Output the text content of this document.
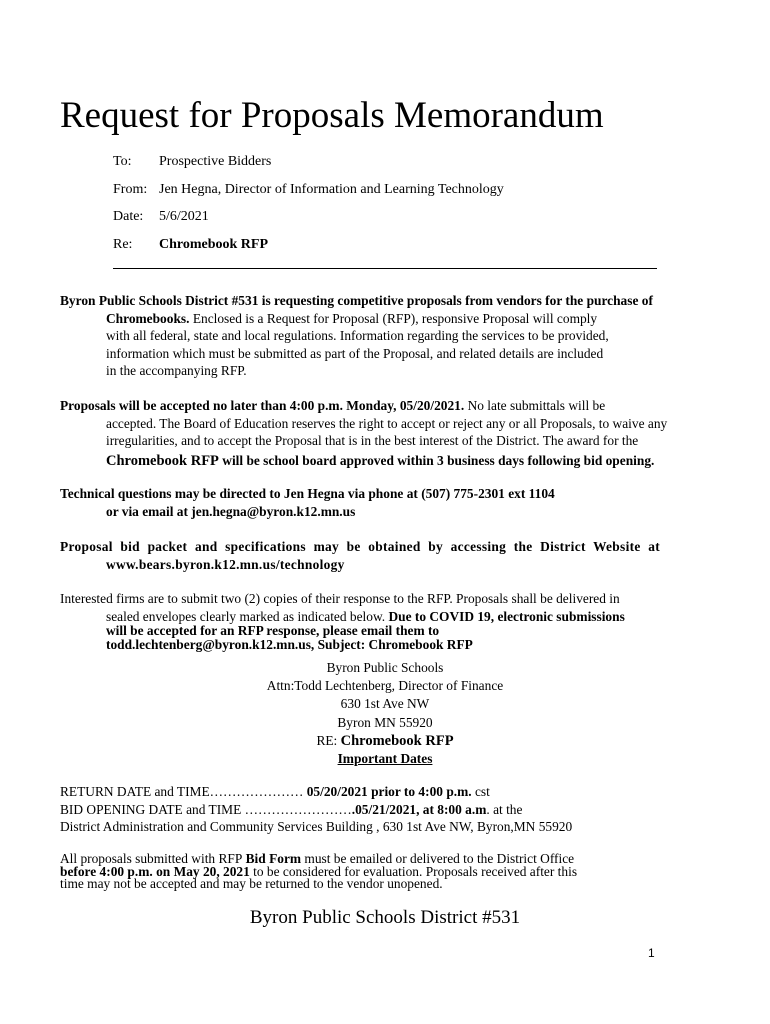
Request for Proposals Memorandum
To: Prospective Bidders
From: Jen Hegna, Director of Information and Learning Technology
Date: 5/6/2021
Re: Chromebook RFP
Byron Public Schools District #531 is requesting competitive proposals from vendors for the purchase of
Chromebooks. Enclosed is a Request for Proposal (RFP), responsive Proposal will comply
with all federal, state and local regulations. Information regarding the services to be provided,
information which must be submitted as part of the Proposal, and related details are included
in the accompanying RFP.
Proposals will be accepted no later than 4:00 p.m. Monday, 05/20/2021. No late submittals will be
accepted. The Board of Education reserves the right to accept or reject any or all Proposals, to waive any
irregularities, and to accept the Proposal that is in the best interest of the District. The award for the
Chromebook RFP will be school board approved within 3 business days following bid opening.
Technical questions may be directed to Jen Hegna via phone at (507) 775-2301 ext 1104
or via email at jen.hegna@byron.k12.mn.us
Proposal bid packet and specifications may be obtained by accessing the District Website at
www.bears.byron.k12.mn.us/technology
Interested firms are to submit two (2) copies of their response to the RFP. Proposals shall be delivered in
sealed envelopes clearly marked as indicated below. Due to COVID 19, electronic submissions
will be accepted for an RFP response, please email them to
todd.lechtenberg@byron.k12.mn.us, Subject: Chromebook RFP
Byron Public Schools
Attn:Todd Lechtenberg, Director of Finance
630 1st Ave NW
Byron MN 55920
RE: Chromebook RFP
Important Dates
RETURN DATE and TIME………………… 05/20/2021 prior to 4:00 p.m. cst
BID OPENING DATE and TIME …………………….05/21/2021, at 8:00 a.m. at the
District Administration and Community Services Building , 630 1st Ave NW, Byron,MN 55920
All proposals submitted with RFP Bid Form must be emailed or delivered to the District Office
before 4:00 p.m. on May 20, 2021 to be considered for evaluation. Proposals received after this
time may not be accepted and may be returned to the vendor unopened.
Byron Public Schools District #531
1
